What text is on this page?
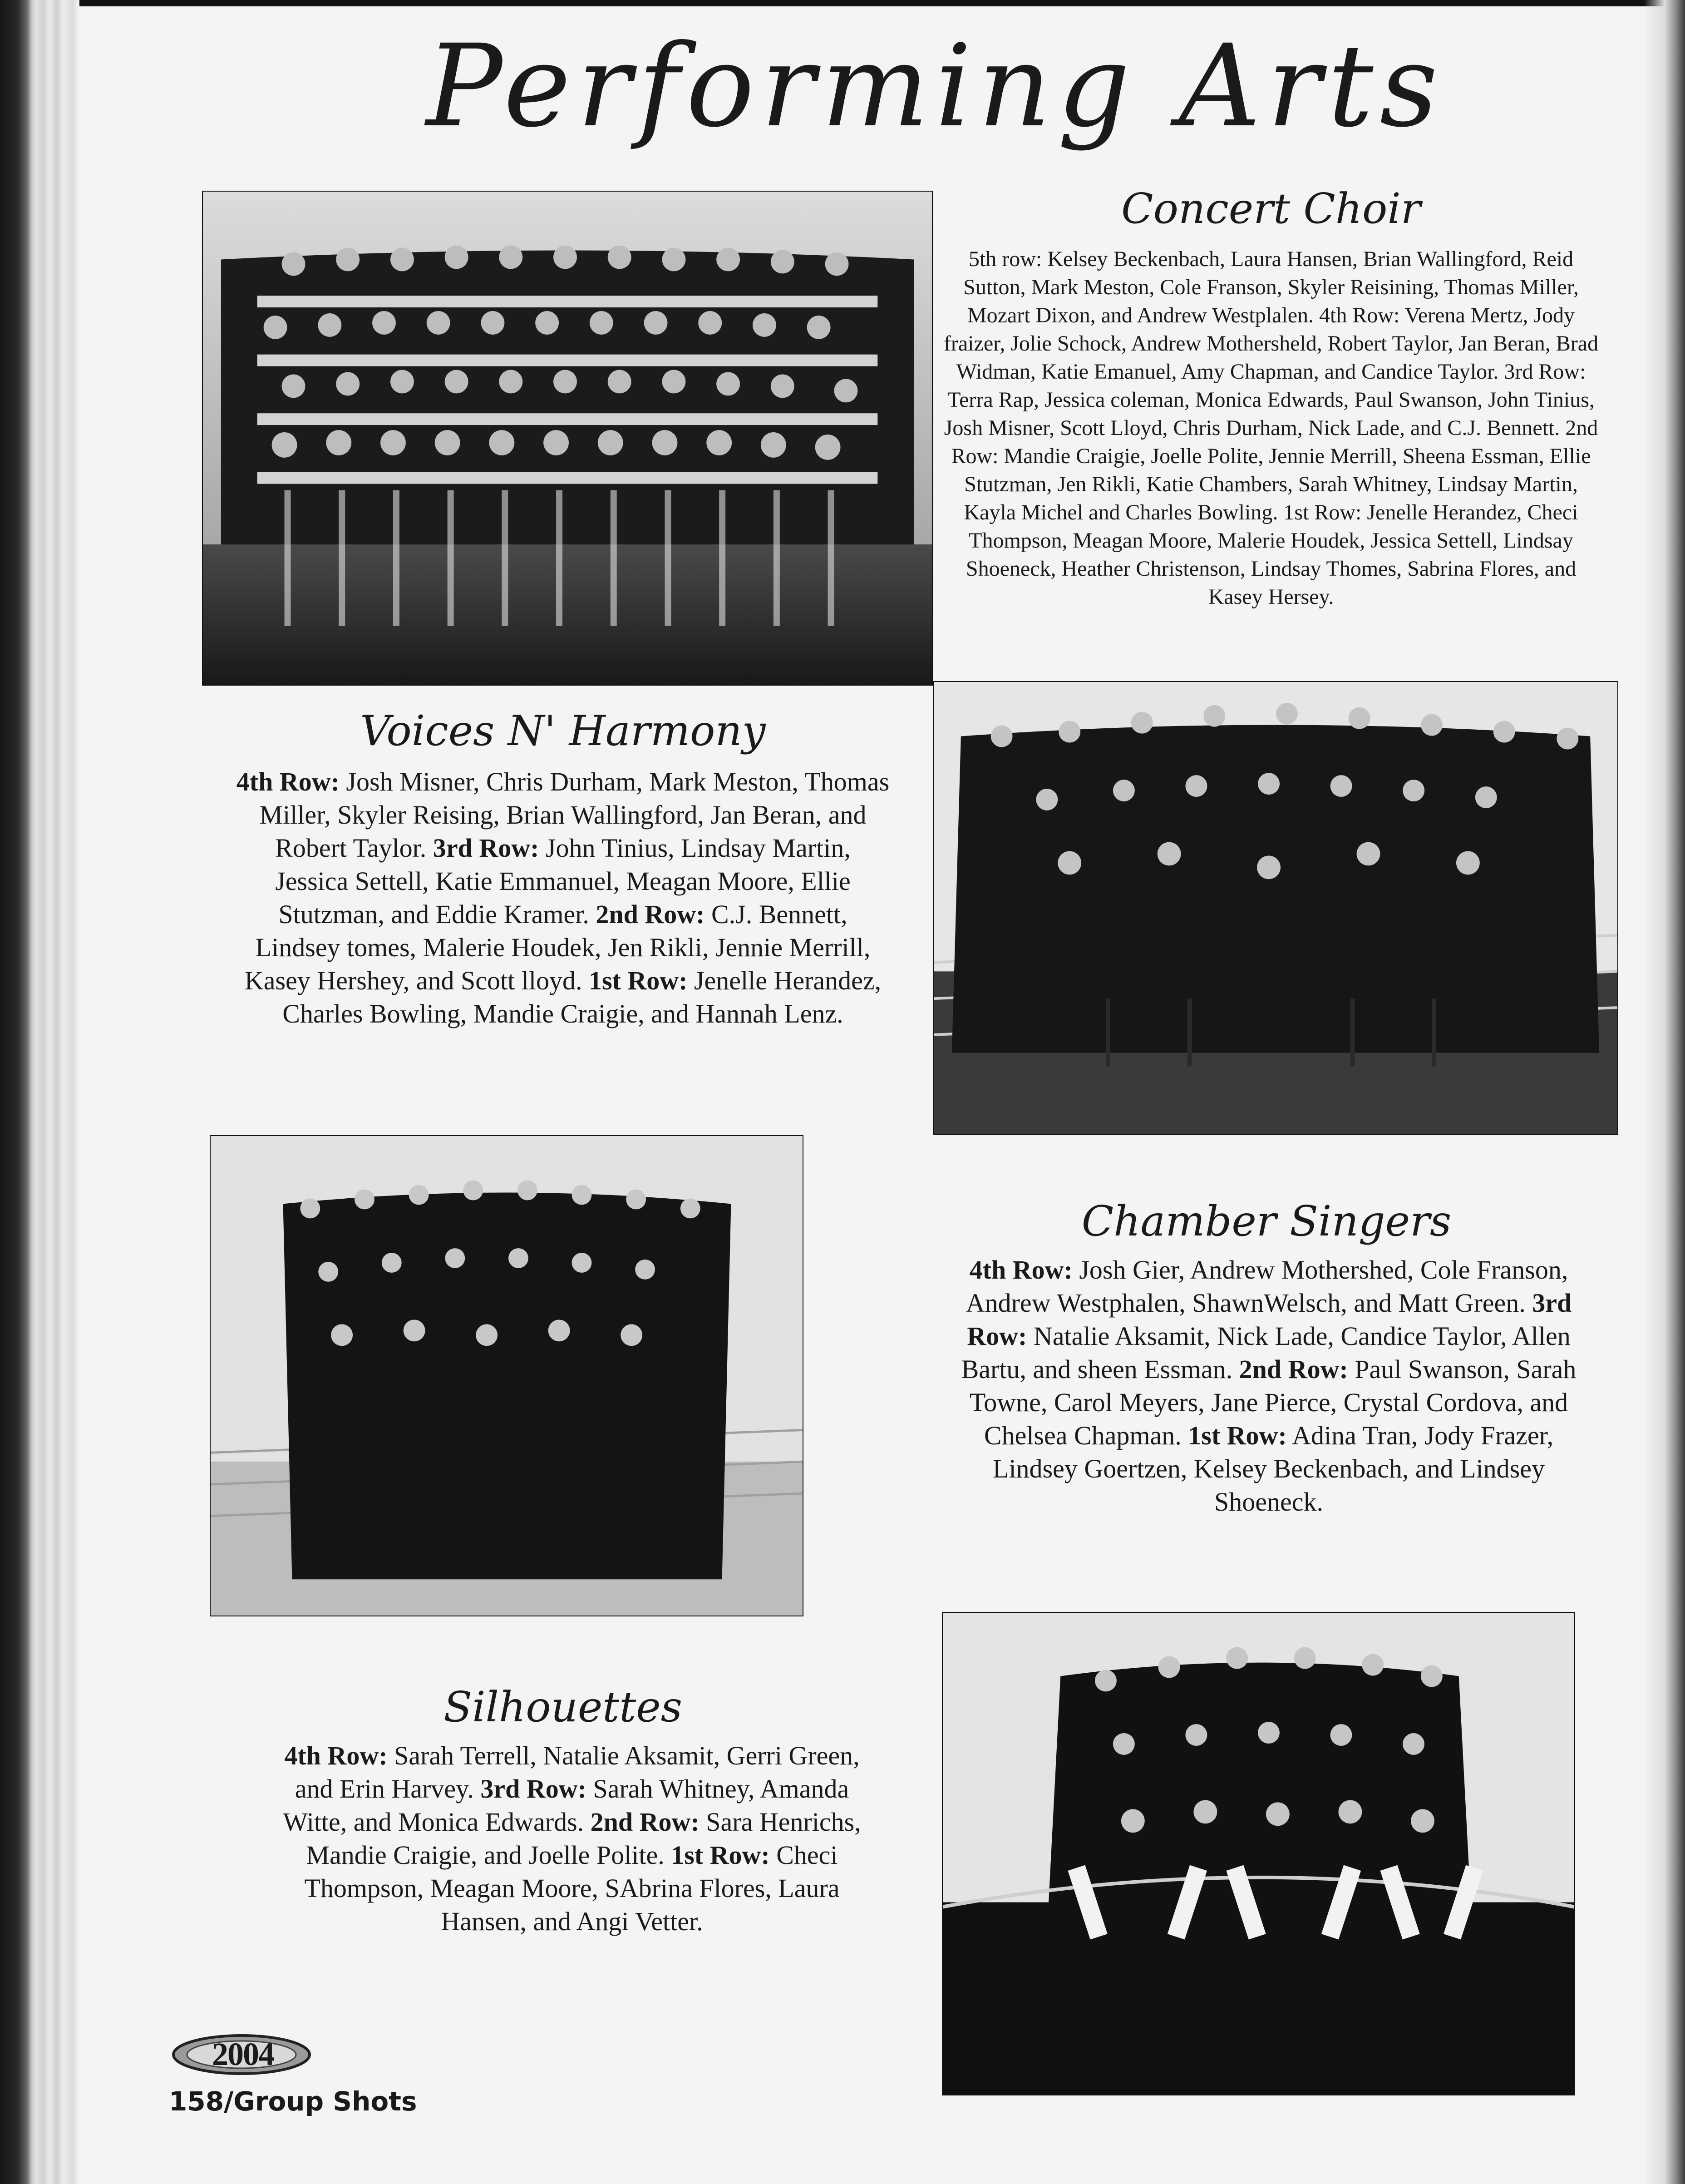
Performing Arts
Concert Choir
5th row: Kelsey Beckenbach, Laura Hansen, Brian Wallingford, Reid Sutton, Mark Meston, Cole Franson, Skyler Reisining, Thomas Miller, Mozart Dixon, and Andrew Westplalen. 4th Row: Verena Mertz, Jody fraizer, Jolie Schock, Andrew Mothersheld, Robert Taylor, Jan Beran, Brad Widman, Katie Emanuel, Amy Chapman, and Candice Taylor. 3rd Row: Terra Rap, Jessica coleman, Monica Edwards, Paul Swanson, John Tinius, Josh Misner, Scott Lloyd, Chris Durham, Nick Lade, and C.J. Bennett. 2nd Row: Mandie Craigie, Joelle Polite, Jennie Merrill, Sheena Essman, Ellie Stutzman, Jen Rikli, Katie Chambers, Sarah Whitney, Lindsay Martin, Kayla Michel and Charles Bowling. 1st Row: Jenelle Herandez, Checi Thompson, Meagan Moore, Malerie Houdek, Jessica Settell, Lindsay Shoeneck, Heather Christenson, Lindsay Thomes, Sabrina Flores, and Kasey Hersey.
Voices N' Harmony
4th Row: Josh Misner, Chris Durham, Mark Meston, Thomas Miller, Skyler Reising, Brian Wallingford, Jan Beran, and Robert Taylor. 3rd Row: John Tinius, Lindsay Martin, Jessica Settell, Katie Emmanuel, Meagan Moore, Ellie Stutzman, and Eddie Kramer. 2nd Row: C.J. Bennett, Lindsey tomes, Malerie Houdek, Jen Rikli, Jennie Merrill, Kasey Hershey, and Scott lloyd. 1st Row: Jenelle Herandez, Charles Bowling, Mandie Craigie, and Hannah Lenz.
Chamber Singers
4th Row: Josh Gier, Andrew Mothershed, Cole Franson, Andrew Westphalen, ShawnWelsch, and Matt Green. 3rd Row: Natalie Aksamit, Nick Lade, Candice Taylor, Allen Bartu, and sheen Essman. 2nd Row: Paul Swanson, Sarah Towne, Carol Meyers, Jane Pierce, Crystal Cordova, and Chelsea Chapman. 1st Row: Adina Tran, Jody Frazer, Lindsey Goertzen, Kelsey Beckenbach, and Lindsey Shoeneck.
Silhouettes
4th Row: Sarah Terrell, Natalie Aksamit, Gerri Green, and Erin Harvey. 3rd Row: Sarah Whitney, Amanda Witte, and Monica Edwards. 2nd Row: Sara Henrichs, Mandie Craigie, and Joelle Polite. 1st Row: Checi Thompson, Meagan Moore, SAbrina Flores, Laura Hansen, and Angi Vetter.
2004
158/Group Shots
